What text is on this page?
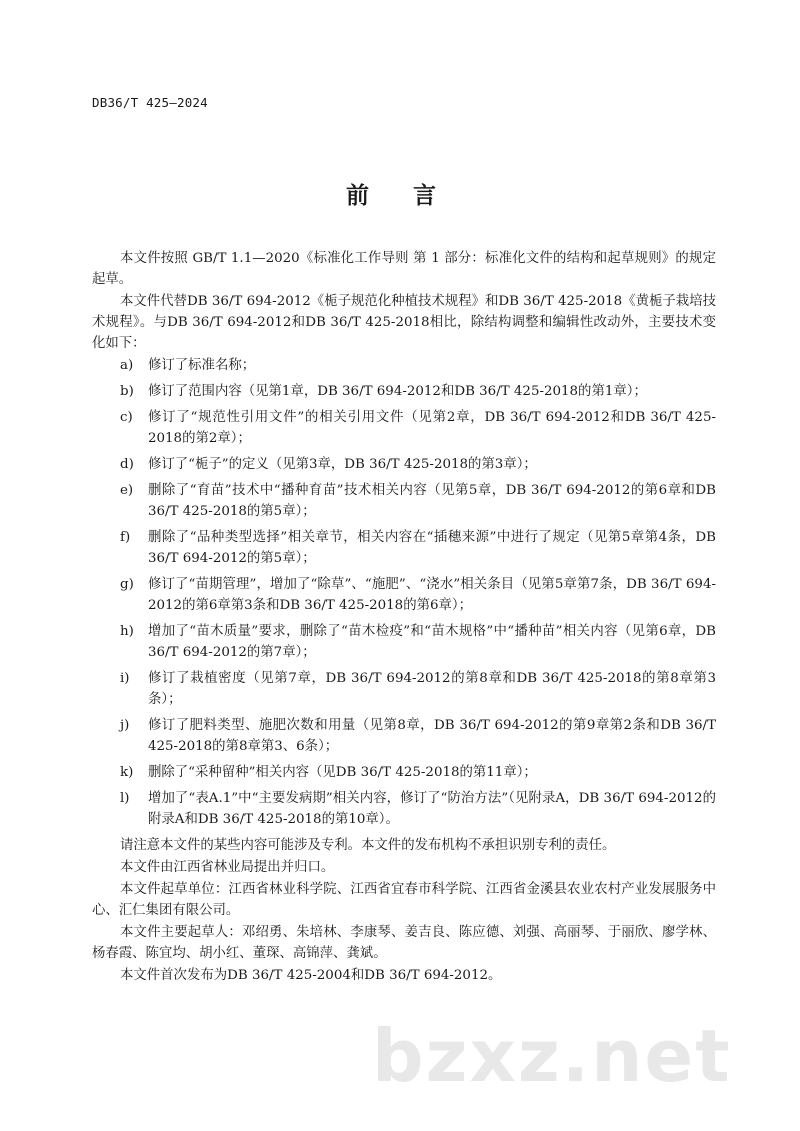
DB36/T 425—2024
前 言

本文件按照 GB/T 1.1—2020《标准化工作导则 第 1 部分：标准化文件的结构和起草规则》的规定起草。

本文件代替DB 36/T 694-2012《栀子规范化种植技术规程》和DB 36/T 425-2018《黄栀子栽培技术规程》。与DB 36/T 694-2012和DB 36/T 425-2018相比，除结构调整和编辑性改动外，主要技术变化如下：

a)	修订了标准名称；
b)	修订了范围内容（见第1章，DB 36/T 694-2012和DB 36/T 425-2018的第1章）；
c)	修订了“规范性引用文件”的相关引用文件（见第2章，DB 36/T 694-2012和DB 36/T 425-2018的第2章）；
d)	修订了“栀子”的定义（见第3章，DB 36/T 425-2018的第3章）；
e)	删除了“育苗”技术中“播种育苗”技术相关内容（见第5章，DB 36/T 694-2012的第6章和DB 36/T 425-2018的第5章）；
f)	删除了“品种类型选择”相关章节，相关内容在“插穗来源”中进行了规定（见第5章第4条，DB 36/T 694-2012的第5章）；
g)	修订了“苗期管理”，增加了“除草”、“施肥”、“浇水”相关条目（见第5章第7条，DB 36/T 694-2012的第6章第3条和DB 36/T 425-2018的第6章）；
h)	增加了“苗木质量”要求，删除了“苗木检疫”和“苗木规格”中“播种苗”相关内容（见第6章，DB 36/T 694-2012的第7章）；
i)	修订了栽植密度（见第7章，DB 36/T 694-2012的第8章和DB 36/T 425-2018的第8章第3条）；
j)	修订了肥料类型、施肥次数和用量（见第8章，DB 36/T 694-2012的第9章第2条和DB 36/T 425-2018的第8章第3、6条）；
k)	删除了“采种留种”相关内容（见DB 36/T 425-2018的第11章）；
l)	增加了“表A.1”中“主要发病期”相关内容，修订了“防治方法”（见附录A，DB 36/T 694-2012的附录A和DB 36/T 425-2018的第10章）。

请注意本文件的某些内容可能涉及专利。本文件的发布机构不承担识别专利的责任。

本文件由江西省林业局提出并归口。

本文件起草单位：江西省林业科学院、江西省宜春市科学院、江西省金溪县农业农村产业发展服务中心、汇仁集团有限公司。

本文件主要起草人：邓绍勇、朱培林、李康琴、姜吉良、陈应德、刘强、高丽琴、于丽欣、廖学林、杨春霞、陈宜均、胡小红、董琛、高锦萍、龚斌。

本文件首次发布为DB 36/T 425-2004和DB 36/T 694-2012。

bzxz.net
